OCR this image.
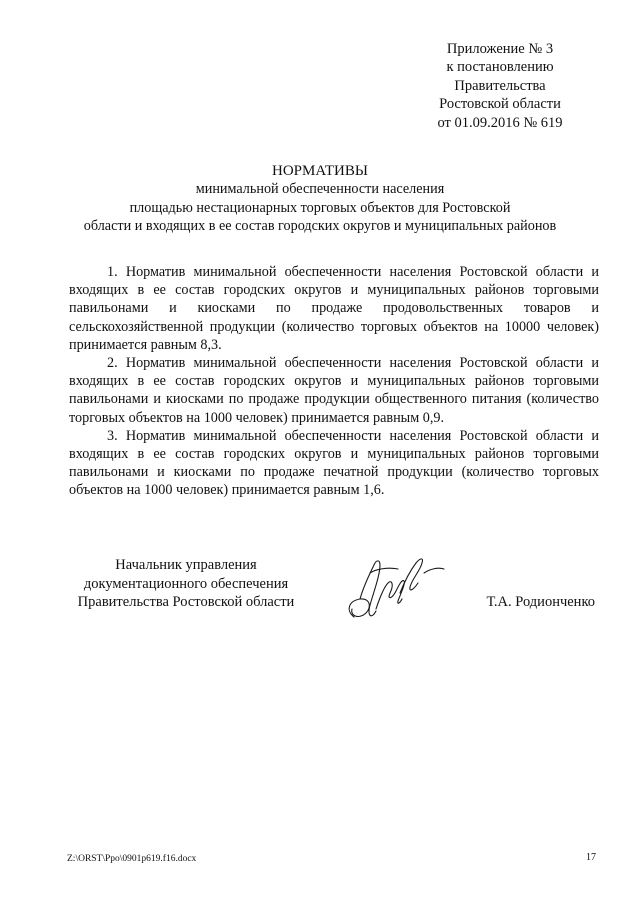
Приложение № 3
к постановлению
Правительства
Ростовской области
от 01.09.2016 № 619
НОРМАТИВЫ
минимальной обеспеченности населения
площадью нестационарных торговых объектов для Ростовской
области и входящих в ее состав городских округов и муниципальных районов

1. Норматив минимальной обеспеченности населения Ростовской области и входящих в ее состав городских округов и муниципальных районов торговыми павильонами и киосками по продаже продовольственных товаров и сельскохозяйственной продукции (количество торговых объектов на 10000 человек) принимается равным 8,3.

2. Норматив минимальной обеспеченности населения Ростовской области и входящих в ее состав городских округов и муниципальных районов торговыми павильонами и киосками по продаже продукции общественного питания (количество торговых объектов на 1000 человек) принимается равным 0,9.

3. Норматив минимальной обеспеченности населения Ростовской области и входящих в ее состав городских округов и муниципальных районов торговыми павильонами и киосками по продаже печатной продукции (количество торговых объектов на 1000 человек) принимается равным 1,6.

Начальник управления
документационного обеспечения
Правительства Ростовской области	Т.А. Родионченко
Z:\ORST\Ppo\0901p619.f16.docx	17
